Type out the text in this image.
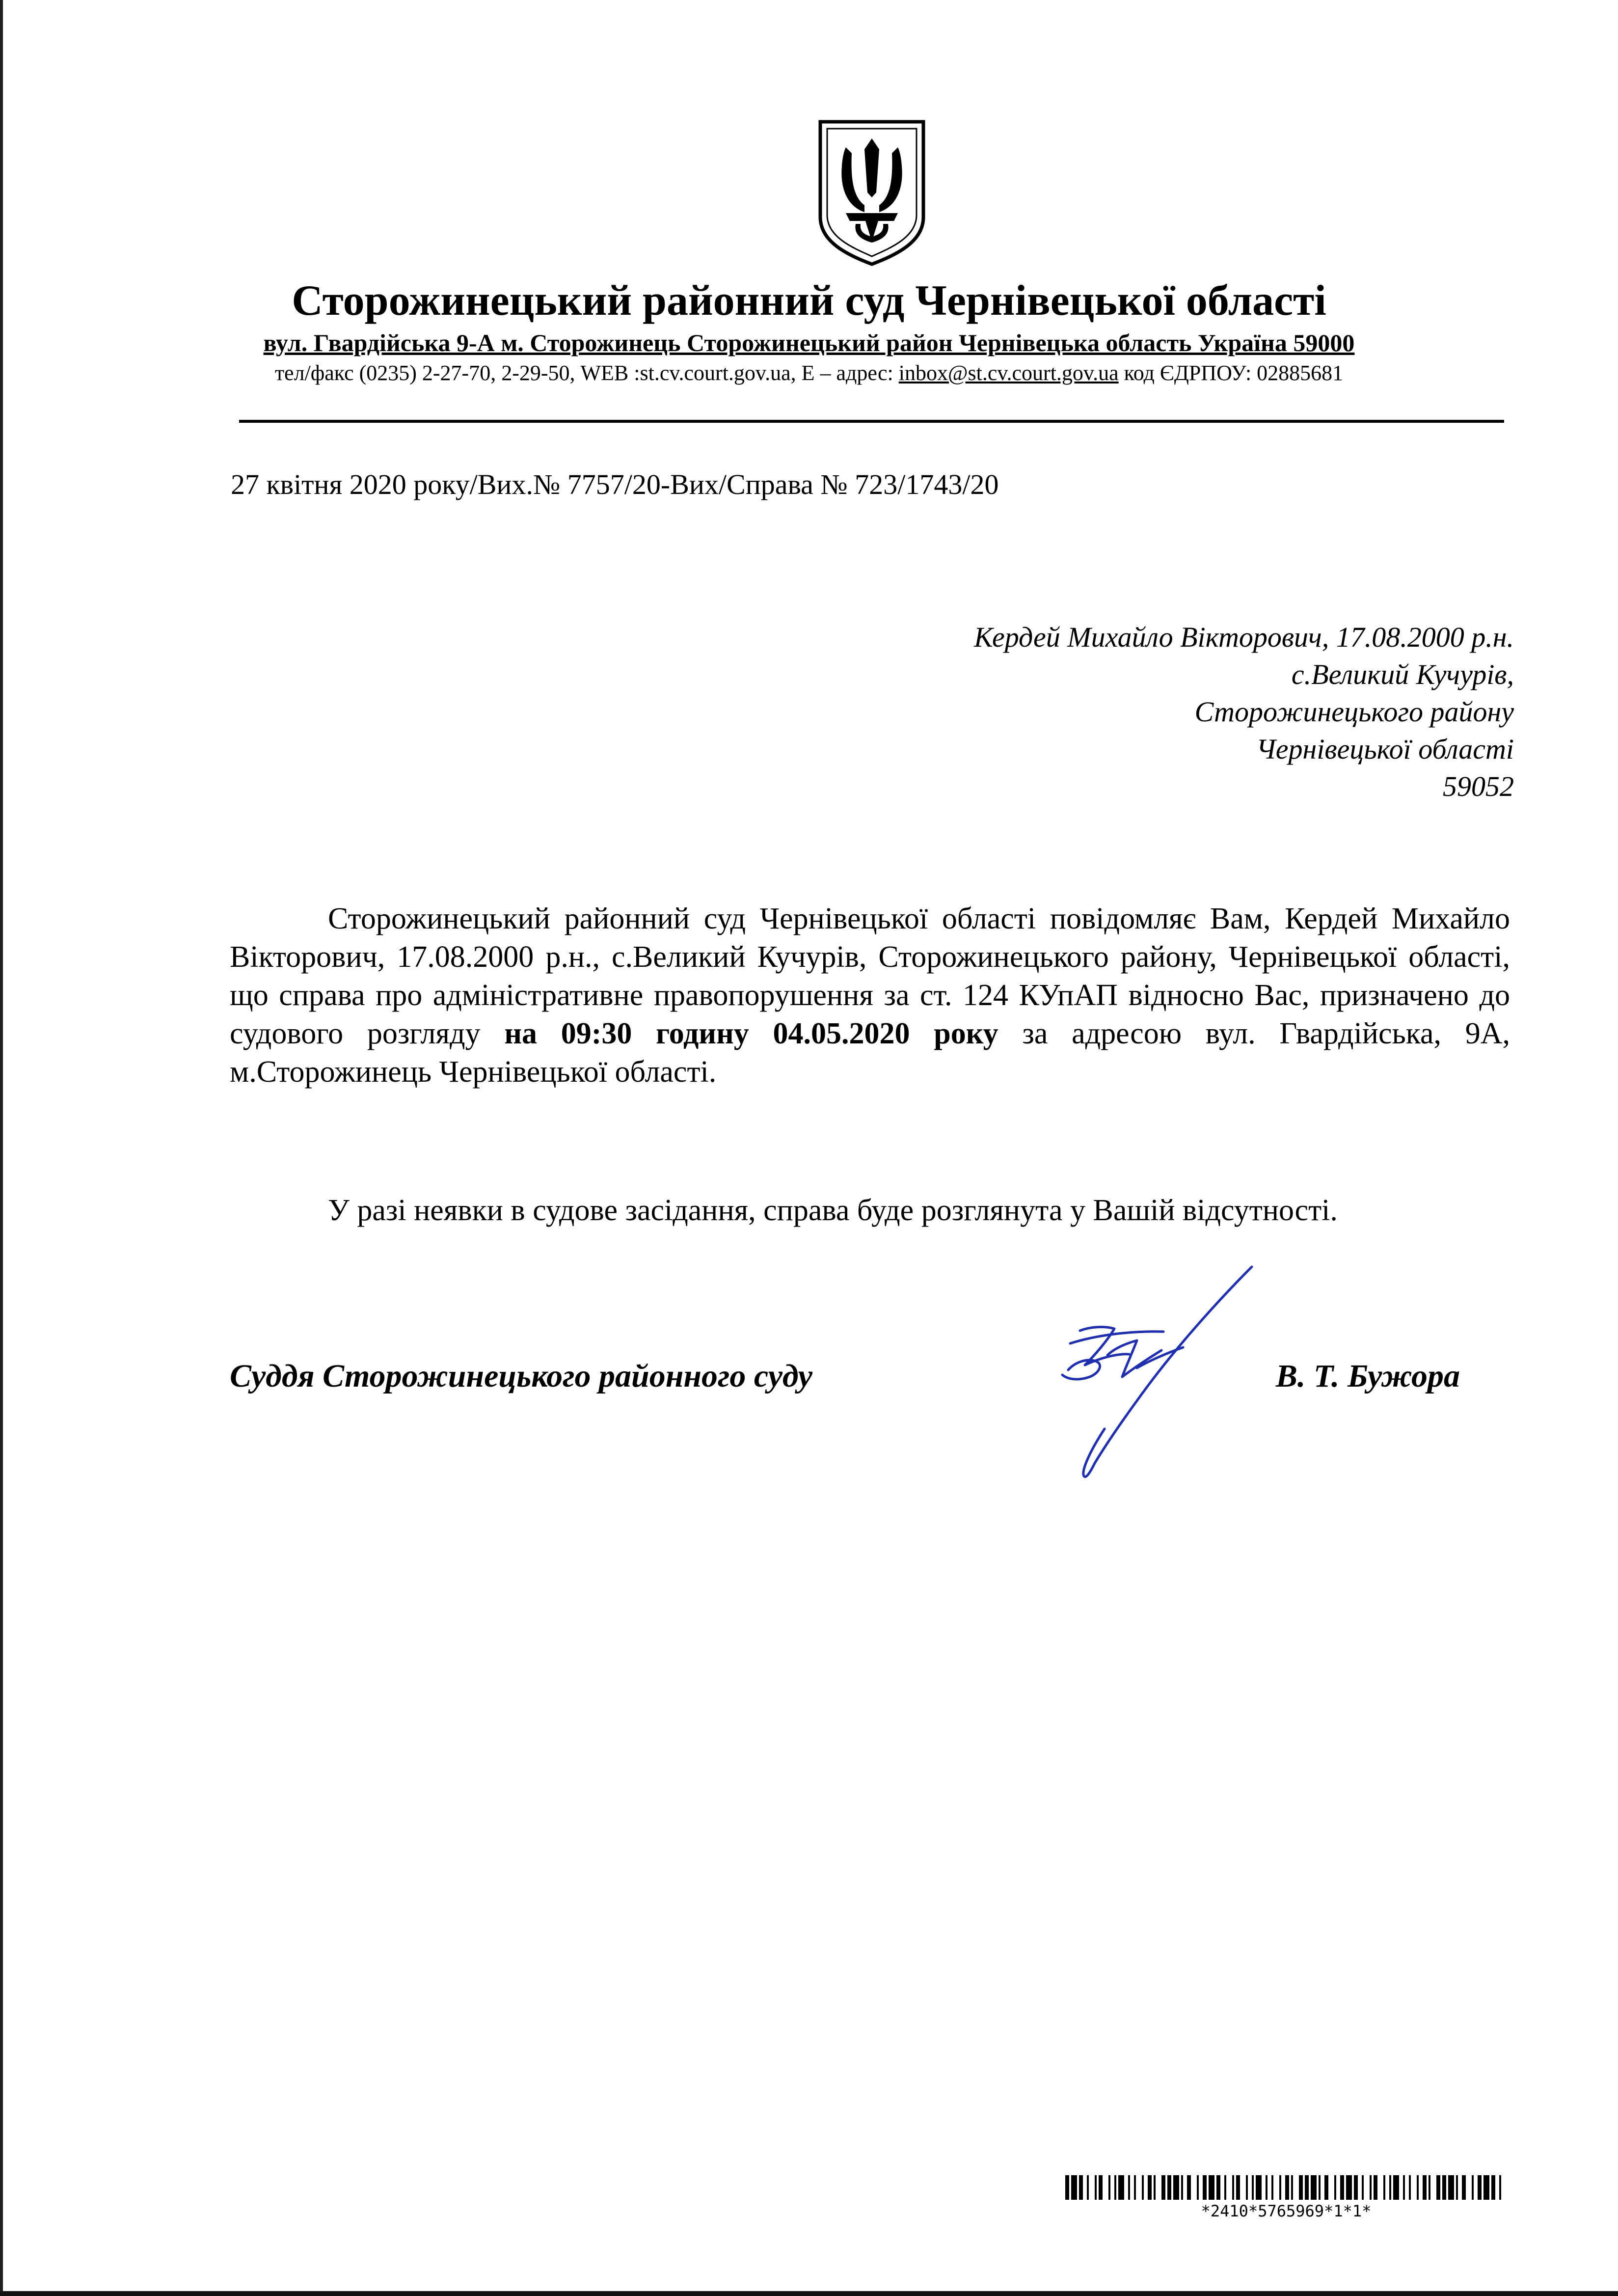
Сторожинецький районний суд Чернівецької області
вул. Гвардійська 9-А м. Сторожинець Сторожинецький район Чернівецька область Україна 59000
тел/факс (0235) 2-27-70, 2-29-50, WEB :st.cv.court.gov.ua, E – адрес: inbox@st.cv.court.gov.ua код ЄДРПОУ: 02885681
27 квітня 2020 року/Вих.№ 7757/20-Вих/Справа № 723/1743/20
Кердей Михайло Вікторович, 17.08.2000 р.н.
с.Великий Кучурів,
Сторожинецького району
Чернівецької області
59052
Сторожинецький районний суд Чернівецької області повідомляє Вам, Кердей Михайло Вікторович, 17.08.2000 р.н., с.Великий Кучурів, Сторожинецького району, Чернівецької області, що справа про адміністративне правопорушення за ст. 124 КУпАП відносно Вас, призначено до судового розгляду на 09:30 годину 04.05.2020 року за адресою вул. Гвардійська, 9А, м.Сторожинець Чернівецької області.
У разі неявки в судове засідання, справа буде розглянута у Вашій відсутності.
Суддя Сторожинецького районного суду	В. Т. Бужора
*2410*5765969*1*1*
